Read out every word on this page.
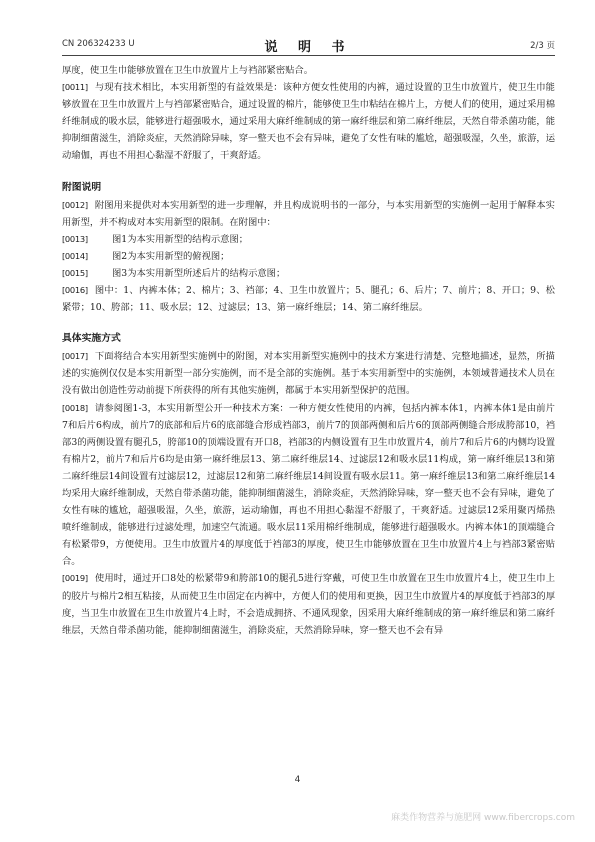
CN 206324233 U	说 明 书	2/3 页

厚度，使卫生巾能够放置在卫生巾放置片上与裆部紧密贴合。

[0011] 与现有技术相比，本实用新型的有益效果是：该种方便女性使用的内裤，通过设置的卫生巾放置片，使卫生巾能够放置在卫生巾放置片上与裆部紧密贴合，通过设置的棉片，能够使卫生巾粘结在棉片上，方便人们的使用，通过采用棉纤维制成的吸水层，能够进行超强吸水，通过采用大麻纤维制成的第一麻纤维层和第二麻纤维层，天然自带杀菌功能，能抑制细菌滋生，消除炎症，天然消除异味，穿一整天也不会有异味，避免了女性有味的尴尬，超强吸湿，久坐，旅游，运动瑜伽，再也不用担心黏湿不舒服了，干爽舒适。

附图说明

[0012] 附图用来提供对本实用新型的进一步理解，并且构成说明书的一部分，与本实用新型的实施例一起用于解释本实用新型，并不构成对本实用新型的限制。在附图中：

[0013]	图1为本实用新型的结构示意图；
[0014]	图2为本实用新型的俯视图；
[0015]	图3为本实用新型所述后片的结构示意图；

[0016] 图中：1、内裤本体；2、棉片；3、裆部；4、卫生巾放置片；5、腿孔；6、后片；7、前片；8、开口；9、松紧带；10、胯部；11、吸水层；12、过滤层；13、第一麻纤维层；14、第二麻纤维层。

具体实施方式

[0017] 下面将结合本实用新型实施例中的附图，对本实用新型实施例中的技术方案进行清楚、完整地描述，显然，所描述的实施例仅仅是本实用新型一部分实施例，而不是全部的实施例。基于本实用新型中的实施例，本领域普通技术人员在没有做出创造性劳动前提下所获得的所有其他实施例，都属于本实用新型保护的范围。

[0018] 请参阅图1-3，本实用新型公开一种技术方案：一种方便女性使用的内裤，包括内裤本体1，内裤本体1是由前片7和后片6构成，前片7的底部和后片6的底部缝合形成裆部3，前片7的顶部两侧和后片6的顶部两侧缝合形成胯部10，裆部3的两侧设置有腿孔5，胯部10的顶端设置有开口8，裆部3的内侧设置有卫生巾放置片4，前片7和后片6的内侧均设置有棉片2，前片7和后片6均是由第一麻纤维层13、第二麻纤维层14、过滤层12和吸水层11构成，第一麻纤维层13和第二麻纤维层14间设置有过滤层12，过滤层12和第二麻纤维层14间设置有吸水层11。第一麻纤维层13和第二麻纤维层14均采用大麻纤维制成，天然自带杀菌功能，能抑制细菌滋生，消除炎症，天然消除异味，穿一整天也不会有异味，避免了女性有味的尴尬，超强吸湿，久坐，旅游，运动瑜伽，再也不用担心黏湿不舒服了，干爽舒适。过滤层12采用聚丙烯热喷纤维制成，能够进行过滤处理，加速空气流通。吸水层11采用棉纤维制成，能够进行超强吸水。内裤本体1的顶端缝合有松紧带9，方便使用。卫生巾放置片4的厚度低于裆部3的厚度，使卫生巾能够放置在卫生巾放置片4上与裆部3紧密贴合。

[0019] 使用时，通过开口8处的松紧带9和胯部10的腿孔5进行穿戴，可使卫生巾放置在卫生巾放置片4上，使卫生巾上的胶片与棉片2相互粘接，从而使卫生巾固定在内裤中，方便人们的使用和更换，因卫生巾放置片4的厚度低于裆部3的厚度，当卫生巾放置在卫生巾放置片4上时，不会造成拥挤、不通风现象，因采用大麻纤维制成的第一麻纤维层和第二麻纤维层，天然自带杀菌功能，能抑制细菌滋生，消除炎症，天然消除异味，穿一整天也不会有异

4
麻类作物营养与施肥网 www.fibercrops.com
